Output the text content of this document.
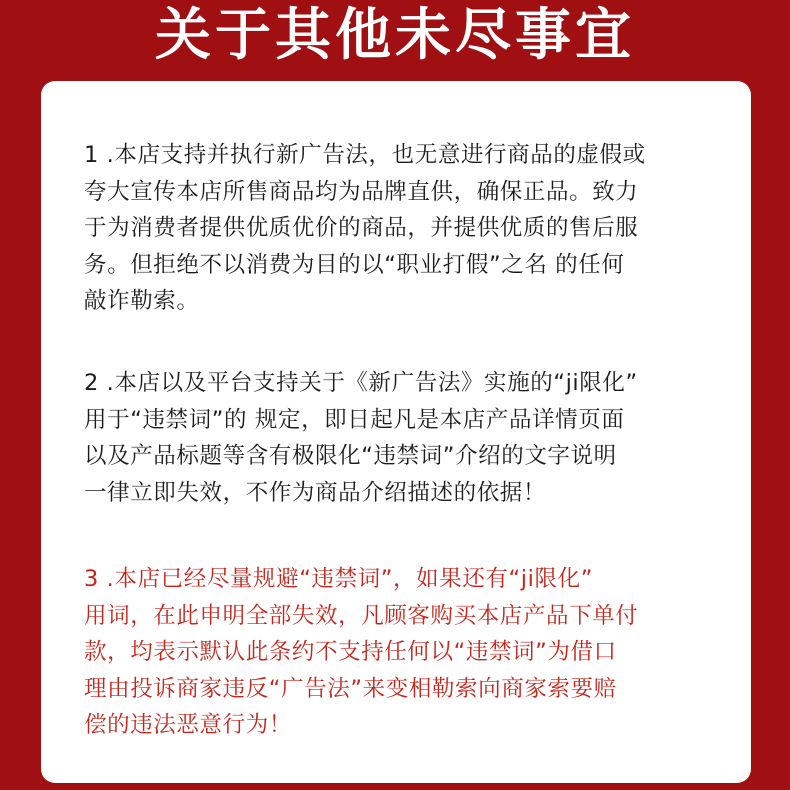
关于其他未尽事宜
1 .本店支持并执行新广告法，也无意进行商品的虚假或
夸大宣传本店所售商品均为品牌直供，确保正品。致力
于为消费者提供优质优价的商品，并提供优质的售后服
务。但拒绝不以消费为目的以“职业打假”之名 的任何
敲诈勒索。
2 .本店以及平台支持关于《新广告法》实施的“ji限化”
用于“违禁词”的 规定，即日起凡是本店产品详情页面
以及产品标题等含有极限化“违禁词”介绍的文字说明
一律立即失效，不作为商品介绍描述的依据！
3 .本店已经尽量规避“违禁词”，如果还有“ji限化”
用词，在此申明全部失效，凡顾客购买本店产品下单付
款，均表示默认此条约不支持任何以“违禁词”为借口
理由投诉商家违反“广告法”来变相勒索向商家索要赔
偿的违法恶意行为！
